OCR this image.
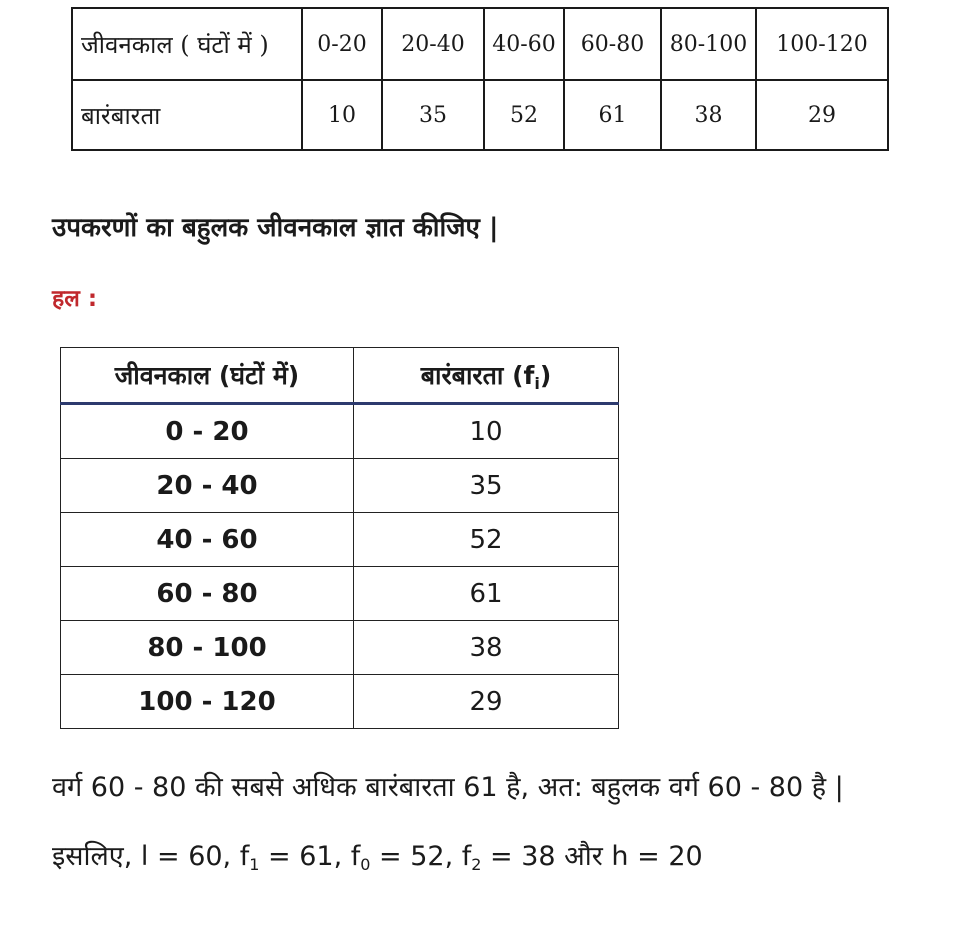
जीवनकाल ( घंटों में )	0-20	20-40	40-60	60-80	80-100	100-120
बारंबारता	10	35	52	61	38	29
उपकरणों का बहुलक जीवनकाल ज्ञात कीजिए |
हल :
जीवनकाल (घंटों में)	बारंबारता $(f_i)$
0 - 20	10
20 - 40	35
40 - 60	52
60 - 80	61
80 - 100	38
100 - 120	29
वर्ग 60 - 80 की सबसे अधिक बारंबारता 61 है, अत: बहुलक वर्ग 60 - 80 है |
इसलिए, l = 60, $f_1 = 61$, $f_0 = 52$, $f_2 = 38$ और h = 20
